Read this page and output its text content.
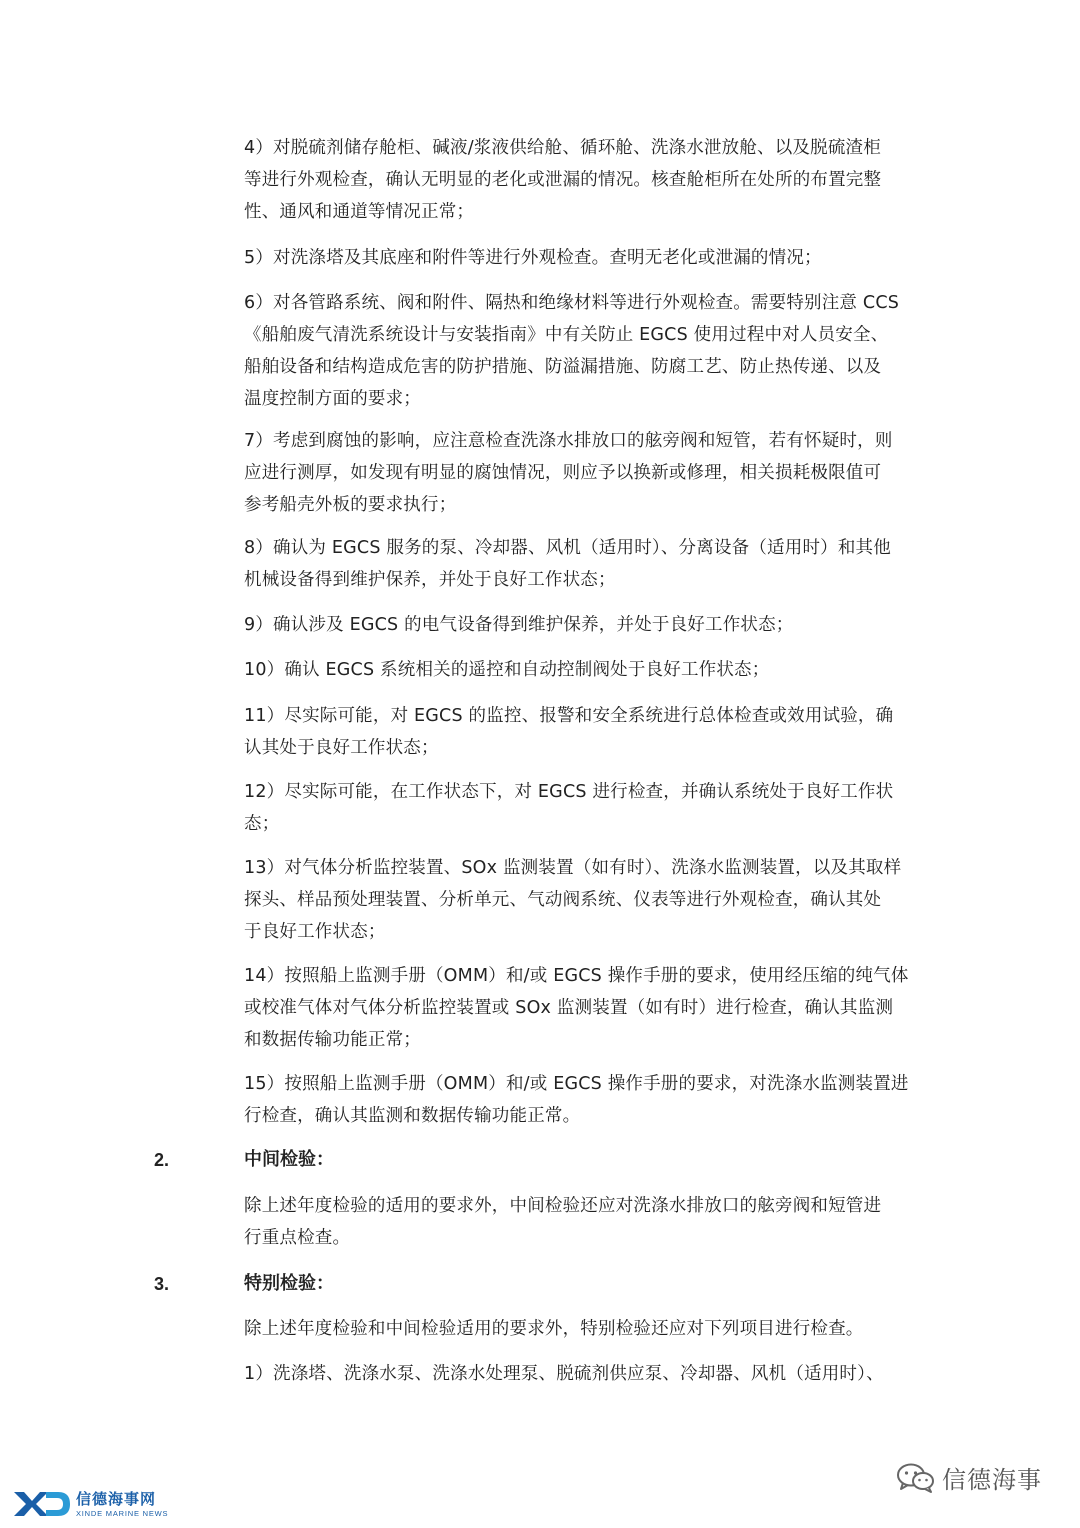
4）对脱硫剂储存舱柜、碱液/浆液供给舱、循环舱、洗涤水泄放舱、以及脱硫渣柜
等进行外观检查，确认无明显的老化或泄漏的情况。核查舱柜所在处所的布置完整
性、通风和通道等情况正常；
5）对洗涤塔及其底座和附件等进行外观检查。查明无老化或泄漏的情况；
6）对各管路系统、阀和附件、隔热和绝缘材料等进行外观检查。需要特别注意 CCS
《船舶废气清洗系统设计与安装指南》中有关防止 EGCS 使用过程中对人员安全、
船舶设备和结构造成危害的防护措施、防溢漏措施、防腐工艺、防止热传递、以及
温度控制方面的要求；
7）考虑到腐蚀的影响，应注意检查洗涤水排放口的舷旁阀和短管，若有怀疑时，则
应进行测厚，如发现有明显的腐蚀情况，则应予以换新或修理，相关损耗极限值可
参考船壳外板的要求执行；
8）确认为 EGCS 服务的泵、冷却器、风机（适用时）、分离设备（适用时）和其他
机械设备得到维护保养，并处于良好工作状态；
9）确认涉及 EGCS 的电气设备得到维护保养，并处于良好工作状态；
10）确认 EGCS 系统相关的遥控和自动控制阀处于良好工作状态；
11）尽实际可能，对 EGCS 的监控、报警和安全系统进行总体检查或效用试验，确
认其处于良好工作状态；
12）尽实际可能，在工作状态下，对 EGCS 进行检查，并确认系统处于良好工作状
态；
13）对气体分析监控装置、SOx 监测装置（如有时）、洗涤水监测装置，以及其取样
探头、样品预处理装置、分析单元、气动阀系统、仪表等进行外观检查，确认其处
于良好工作状态；
14）按照船上监测手册（OMM）和/或 EGCS 操作手册的要求，使用经压缩的纯气体
或校准气体对气体分析监控装置或 SOx 监测装置（如有时）进行检查，确认其监测
和数据传输功能正常；
15）按照船上监测手册（OMM）和/或 EGCS 操作手册的要求，对洗涤水监测装置进
行检查，确认其监测和数据传输功能正常。
2.	中间检验：
除上述年度检验的适用的要求外，中间检验还应对洗涤水排放口的舷旁阀和短管进
行重点检查。
3.	特别检验：
除上述年度检验和中间检验适用的要求外，特别检验还应对下列项目进行检查。
1）洗涤塔、洗涤水泵、洗涤水处理泵、脱硫剂供应泵、冷却器、风机（适用时）、
信德海事网
XINDE MARINE NEWS
信德海事
